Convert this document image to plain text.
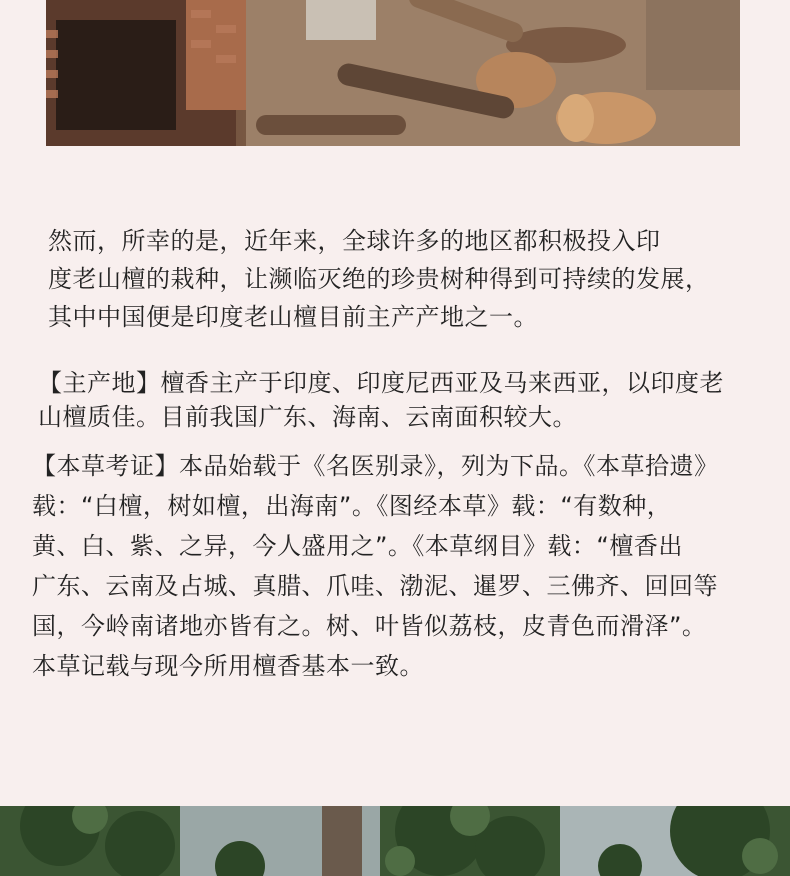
然而，所幸的是，近年来，全球许多的地区都积极投入印
度老山檀的栽种，让濒临灭绝的珍贵树种得到可持续的发展，
其中中国便是印度老山檀目前主产产地之一。
【主产地】檀香主产于印度、印度尼西亚及马来西亚，以印度老
山檀质佳。目前我国广东、海南、云南面积较大。
【本草考证】本品始载于《名医别录》，列为下品。《本草拾遗》
载：“白檀，树如檀，出海南”。《图经本草》载：“有数种，
黄、白、紫、之异，今人盛用之”。《本草纲目》载：“檀香出
广东、云南及占城、真腊、爪哇、渤泥、暹罗、三佛齐、回回等
国，今岭南诸地亦皆有之。树、叶皆似荔枝，皮青色而滑泽”。
本草记载与现今所用檀香基本一致。
